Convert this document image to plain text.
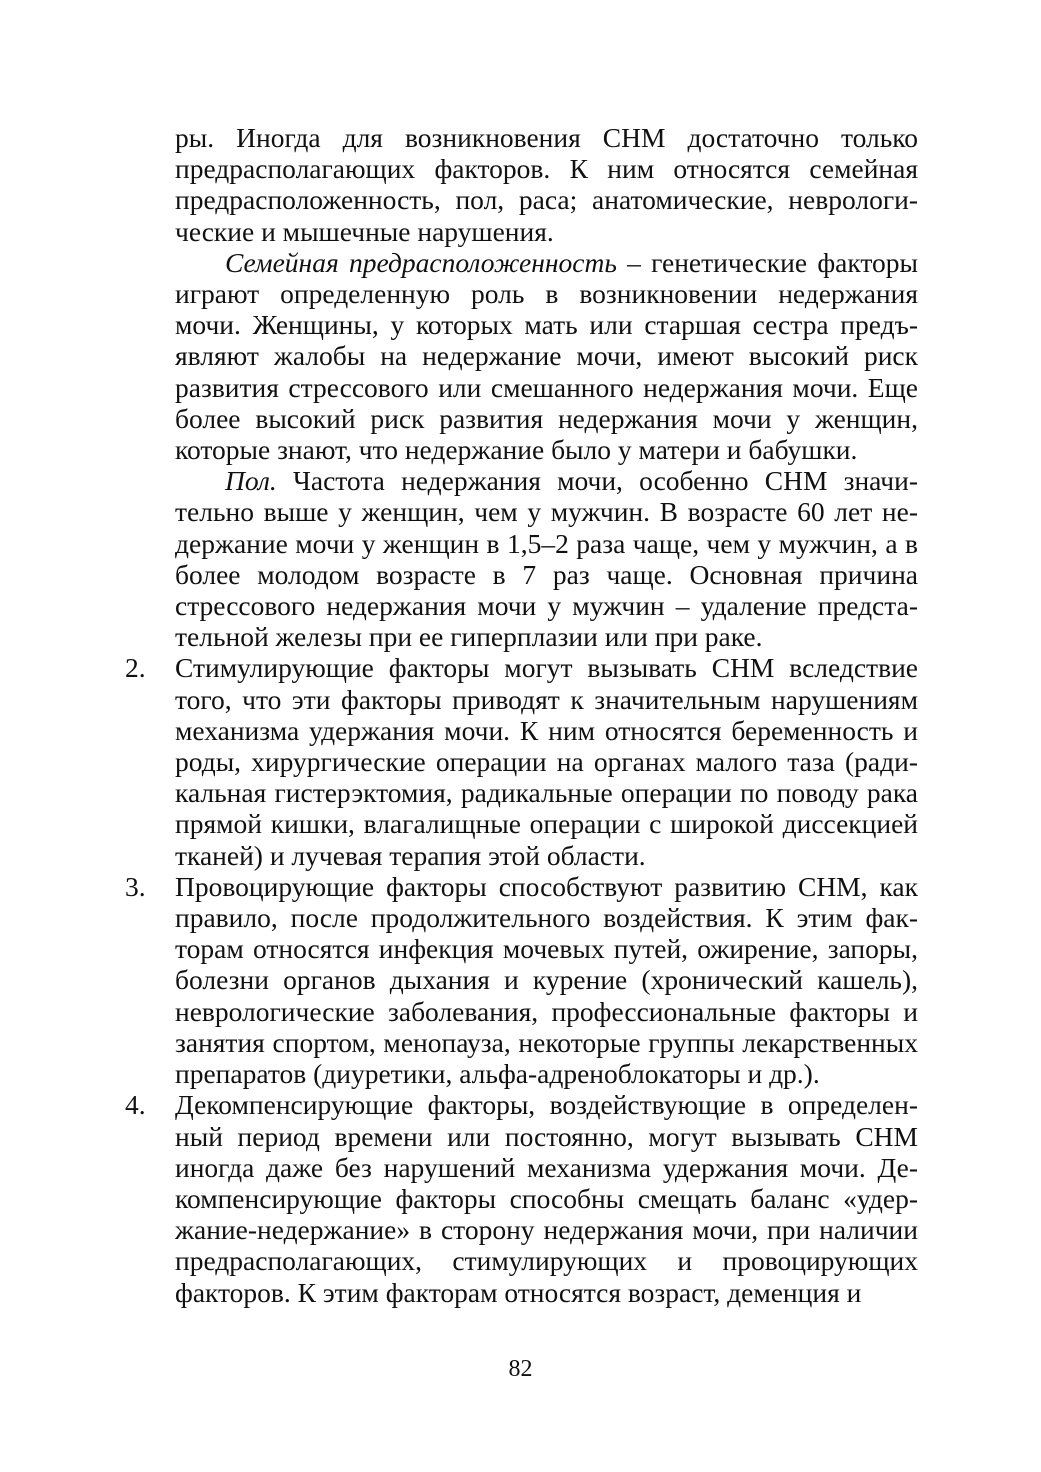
ры. Иногда для возникновения СНМ достаточно только предрасполагающих факторов. К ним относятся семейная предрасположенность, пол, раса; анатомические, неврологические и мышечные нарушения.

Семейная предрасположенность – генетические факторы играют определенную роль в возникновении недержания мочи. Женщины, у которых мать или старшая сестра предъявляют жалобы на недержание мочи, имеют высокий риск развития стрессового или смешанного недержания мочи. Еще более высокий риск развития недержания мочи у женщин, которые знают, что недержание было у матери и бабушки.

Пол. Частота недержания мочи, особенно СНМ значительно выше у женщин, чем у мужчин. В возрасте 60 лет недержание мочи у женщин в 1,5–2 раза чаще, чем у мужчин, а в более молодом возрасте в 7 раз чаще. Основная причина стрессового недержания мочи у мужчин – удаление предстательной железы при ее гиперплазии или при раке.

2.	Стимулирующие факторы могут вызывать СНМ вследствие того, что эти факторы приводят к значительным нарушениям механизма удержания мочи. К ним относятся беременность и роды, хирургические операции на органах малого таза (радикальная гистерэктомия, радикальные операции по поводу рака прямой кишки, влагалищные операции с широкой диссекцией тканей) и лучевая терапия этой области.

3.	Провоцирующие факторы способствуют развитию СНМ, как правило, после продолжительного воздействия. К этим факторам относятся инфекция мочевых путей, ожирение, запоры, болезни органов дыхания и курение (хронический кашель), неврологические заболевания, профессиональные факторы и занятия спортом, менопауза, некоторые группы лекарственных препаратов (диуретики, альфа-адреноблокаторы и др.).

4.	Декомпенсирующие факторы, воздействующие в определенный период времени или постоянно, могут вызывать СНМ иногда даже без нарушений механизма удержания мочи. Декомпенсирующие факторы способны смещать баланс «удержание-недержание» в сторону недержания мочи, при наличии предрасполагающих, стимулирующих и провоцирующих факторов. К этим факторам относятся возраст, деменция и

82
